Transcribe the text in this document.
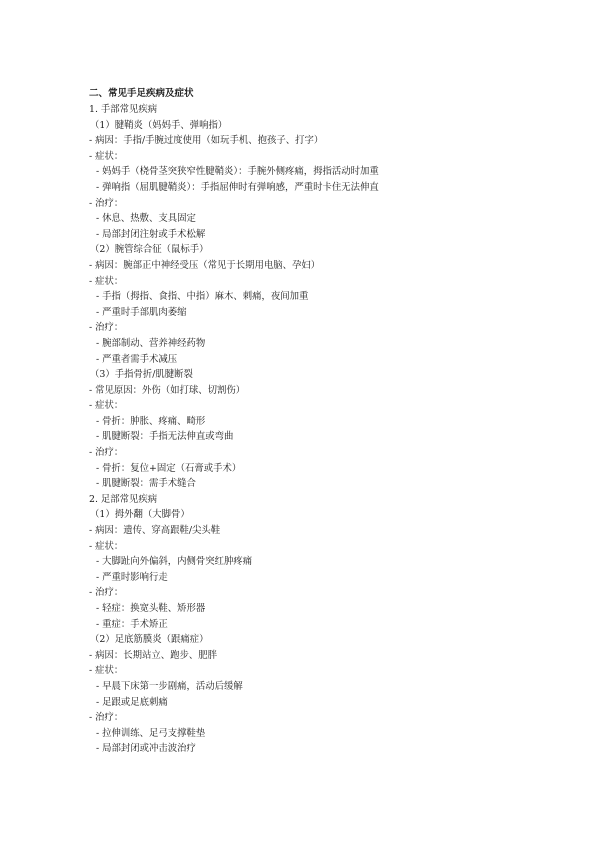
二、常见手足疾病及症状
1. 手部常见疾病
（1）腱鞘炎（妈妈手、弹响指）
- 病因：手指/手腕过度使用（如玩手机、抱孩子、打字）
- 症状：
- 妈妈手（桡骨茎突狭窄性腱鞘炎）：手腕外侧疼痛，拇指活动时加重
- 弹响指（屈肌腱鞘炎）：手指屈伸时有弹响感，严重时卡住无法伸直
- 治疗：
- 休息、热敷、支具固定
- 局部封闭注射或手术松解
（2）腕管综合征（鼠标手）
- 病因：腕部正中神经受压（常见于长期用电脑、孕妇）
- 症状：
- 手指（拇指、食指、中指）麻木、刺痛，夜间加重
- 严重时手部肌肉萎缩
- 治疗：
- 腕部制动、营养神经药物
- 严重者需手术减压
（3）手指骨折/肌腱断裂
- 常见原因：外伤（如打球、切割伤）
- 症状：
- 骨折：肿胀、疼痛、畸形
- 肌腱断裂：手指无法伸直或弯曲
- 治疗：
- 骨折：复位+固定（石膏或手术）
- 肌腱断裂：需手术缝合
2. 足部常见疾病
（1）拇外翻（大脚骨）
- 病因：遗传、穿高跟鞋/尖头鞋
- 症状：
- 大脚趾向外偏斜，内侧骨突红肿疼痛
- 严重时影响行走
- 治疗：
- 轻症：换宽头鞋、矫形器
- 重症：手术矫正
（2）足底筋膜炎（跟痛症）
- 病因：长期站立、跑步、肥胖
- 症状：
- 早晨下床第一步剧痛，活动后缓解
- 足跟或足底刺痛
- 治疗：
- 拉伸训练、足弓支撑鞋垫
- 局部封闭或冲击波治疗
